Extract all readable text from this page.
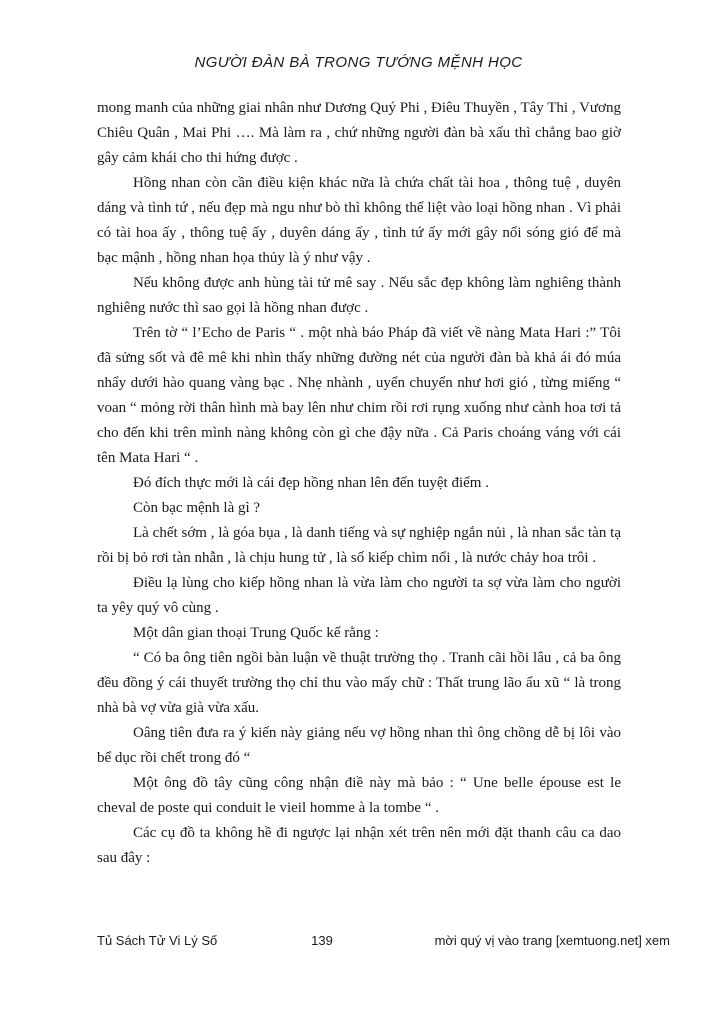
NGƯỜI ĐÀN BÀ TRONG TƯỚNG MỆNH HỌC

mong manh của những giai nhân như Dương Quý Phi , Điêu Thuyền , Tây Thi , Vương Chiêu Quân , Mai Phi …. Mà làm ra , chứ những người đàn bà xấu thì chẳng bao giờ gây cảm khái cho thi hứng được .

Hồng nhan còn cần điều kiện khác nữa là chứa chất tài hoa , thông tuệ , duyên dáng và tình tứ , nếu đẹp mà ngu như bò thì không thể liệt vào loại hồng nhan . Vì phải có tài hoa ấy , thông tuệ ấy , duyên dáng ấy , tình tứ ấy mới gây nổi sóng gió để mà bạc mậnh , hồng nhan họa thủy là ý như vậy .

Nếu không được anh hùng tài tử mê say . Nếu sắc đẹp không làm nghiêng thành nghiêng nước thì sao gọi là hồng nhan được .

Trên tờ “ l’Echo de Paris “ . một nhà báo Pháp đã viết về nàng Mata Hari :” Tôi đã sửng sốt và đê mê khi nhìn thấy những đường nét của người đàn bà khả ái đó múa nhẩy dưới hào quang vàng bạc . Nhẹ nhành , uyển chuyển như hơi gió , từng miếng “ voan “ mỏng rời thân hình mà bay lên như chim rồi rơi rụng xuống như cành hoa tơi tả cho đến khi trên mình nàng không còn gì che đậy nữa . Cả Paris choáng váng với cái tên Mata Hari “ .

Đó đích thực mới là cái đẹp hồng nhan lên đến tuyệt điểm .

Còn bạc mệnh là gì ?

Là chết sớm , là góa bụa , là danh tiếng và sự nghiệp ngắn nủi , là nhan sắc tàn tạ rồi bị bỏ rơi tàn nhẫn , là chịu hung tử , là số kiếp chìm nổi , là nước chảy hoa trôi .

Điều lạ lùng cho kiếp hồng nhan là vừa làm cho người ta sợ vừa làm cho người ta yêy quý vô cùng .

Một dân gian thoại Trung Quốc kể rằng :

“ Có ba ông tiên ngồi bàn luận về thuật trường thọ . Tranh cãi hồi lâu , cả ba ông đều đồng ý cái thuyết trường thọ chỉ thu vào mấy chữ : Thất trung lão ẩu xũ “ là trong nhà bà vợ vừa già vừa xấu.

Oâng tiên đưa ra ý kiến này giảng nếu vợ hồng nhan thì ông chồng dễ bị lôi vào bể dục rồi chết trong đó “

Một ông đồ tây cũng công nhận điề này mà bảo : “ Une belle épouse est le cheval de poste qui conduit le vieil homme à la tombe “ .

Các cụ đồ ta không hề đi ngược lại nhận xét trên nên mới đặt thanh câu ca dao sau đây :

Tủ Sách Tử Vi Lý Số	139	mời quý vị vào trang [xemtuong.net] xem
